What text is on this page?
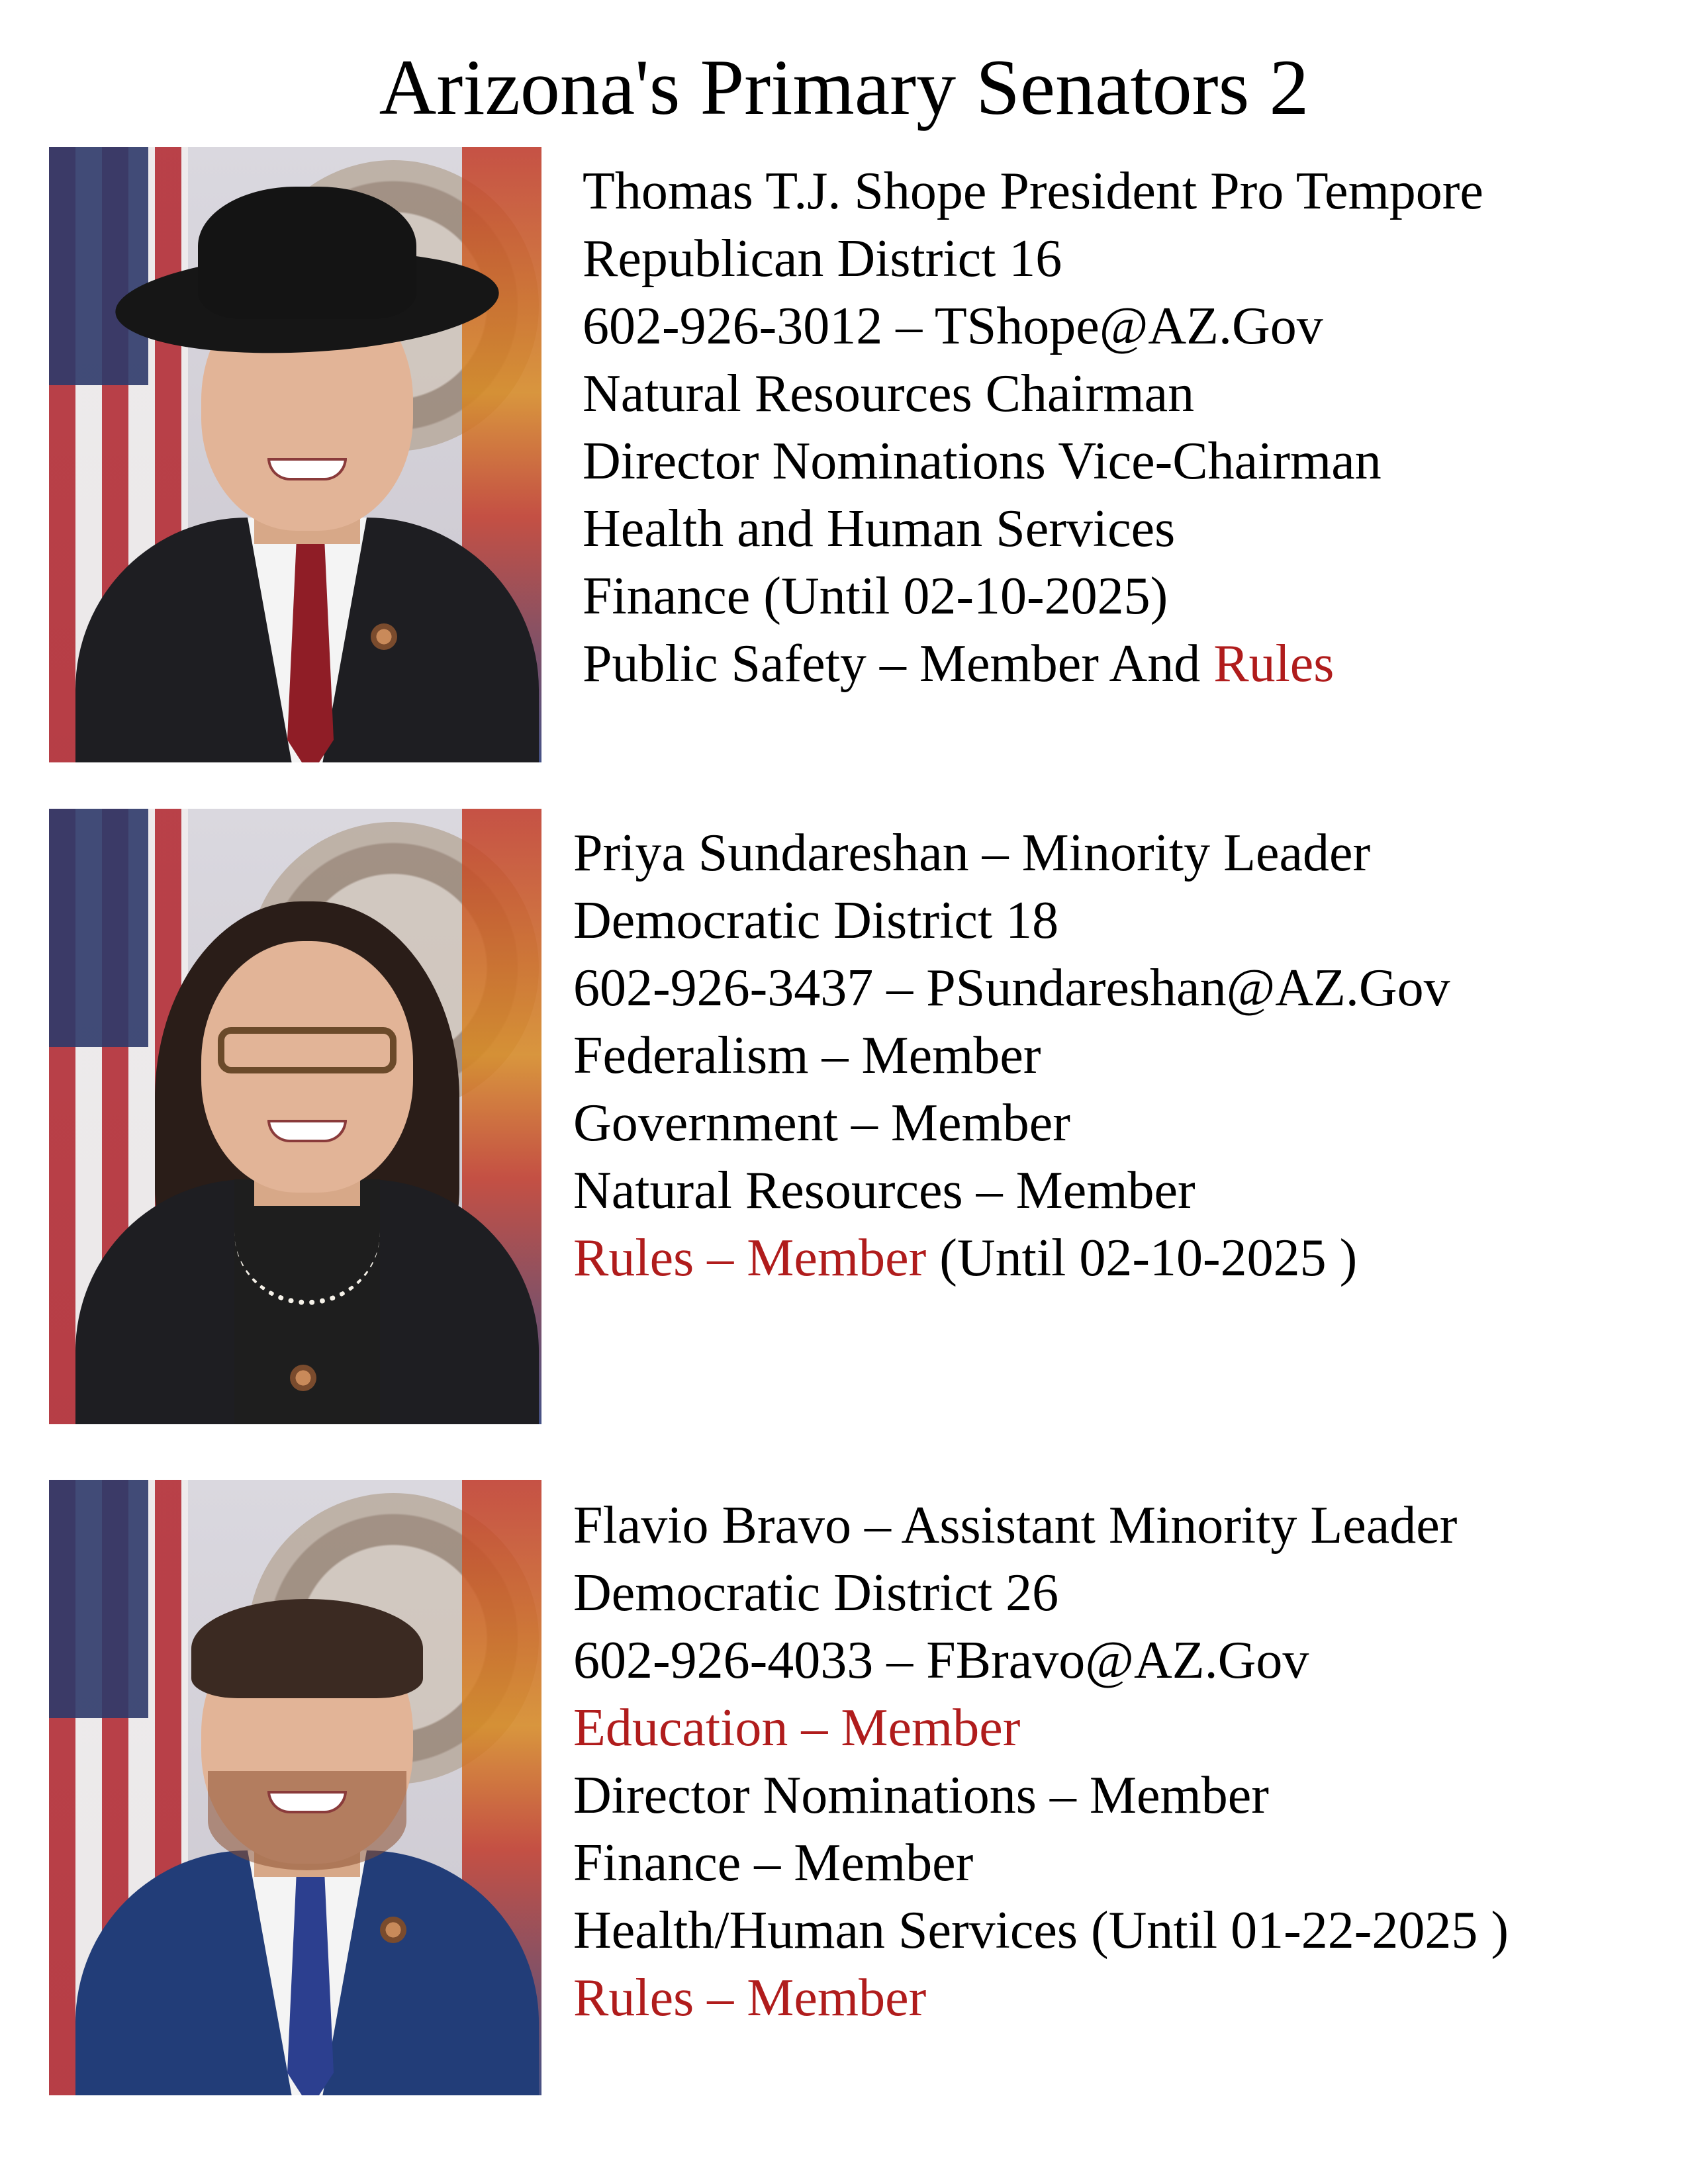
Arizona's Primary Senators 2
Thomas T.J. Shope President Pro Tempore
Republican District 16
602-926-3012 – TShope@AZ.Gov
Natural Resources Chairman
Director Nominations Vice-Chairman
Health and Human Services
Finance (Until 02-10-2025)
Public Safety – Member And Rules
Priya Sundareshan – Minority Leader
Democratic District 18
602-926-3437 – PSundareshan@AZ.Gov
Federalism – Member
Government – Member
Natural Resources – Member
Rules – Member (Until 02-10-2025 )
Flavio Bravo – Assistant Minority Leader
Democratic District 26
602-926-4033 – FBravo@AZ.Gov
Education – Member
Director Nominations – Member
Finance – Member
Health/Human Services (Until 01-22-2025 )
Rules – Member
